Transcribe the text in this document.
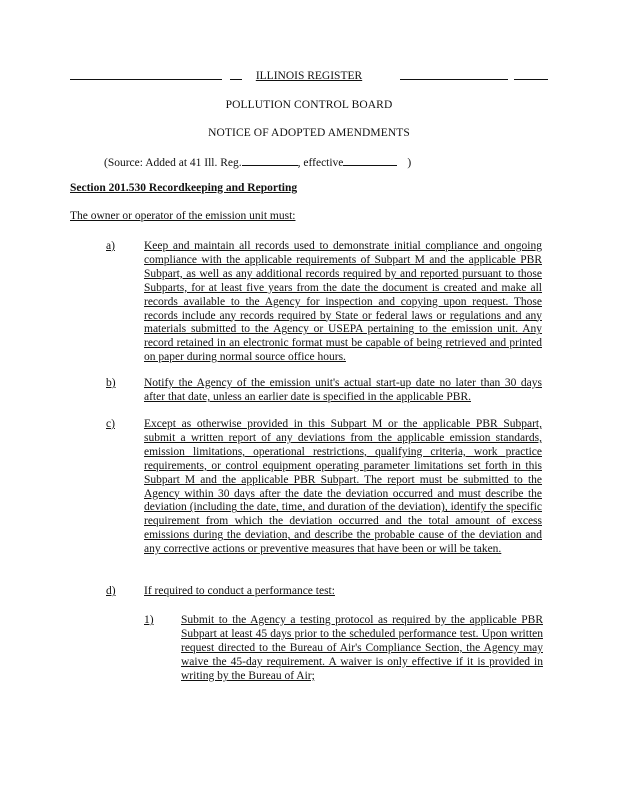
ILLINOIS REGISTER
POLLUTION CONTROL BOARD
NOTICE OF ADOPTED AMENDMENTS
(Source: Added at 41 Ill. Reg.	, effective	)
Section 201.530 Recordkeeping and Reporting
The owner or operator of the emission unit must:
a)	Keep and maintain all records used to demonstrate initial compliance and ongoing compliance with the applicable requirements of Subpart M and the applicable PBR Subpart, as well as any additional records required by and reported pursuant to those Subparts, for at least five years from the date the document is created and make all records available to the Agency for inspection and copying upon request. Those records include any records required by State or federal laws or regulations and any materials submitted to the Agency or USEPA pertaining to the emission unit. Any record retained in an electronic format must be capable of being retrieved and printed on paper during normal source office hours.
b) Notify the Agency of the emission unit's actual start-up date no later than 30 days after that date, unless an earlier date is specified in the applicable PBR.
c)	Except as otherwise provided in this Subpart M or the applicable PBR Subpart, submit a written report of any deviations from the applicable emission standards, emission limitations, operational restrictions, qualifying criteria, work practice requirements, or control equipment operating parameter limitations set forth in this Subpart M and the applicable PBR Subpart. The report must be submitted to the Agency within 30 days after the date the deviation occurred and must describe the deviation (including the date, time, and duration of the deviation), identify the specific requirement from which the deviation occurred and the total amount of excess emissions during the deviation, and describe the probable cause of the deviation and any corrective actions or preventive measures that have been or will be taken.
d) If required to conduct a performance test:
1) Submit to the Agency a testing protocol as required by the applicable PBR Subpart at least 45 days prior to the scheduled performance test. Upon written request directed to the Bureau of Air's Compliance Section, the Agency may waive the 45-day requirement. A waiver is only effective if it is provided in writing by the Bureau of Air;
